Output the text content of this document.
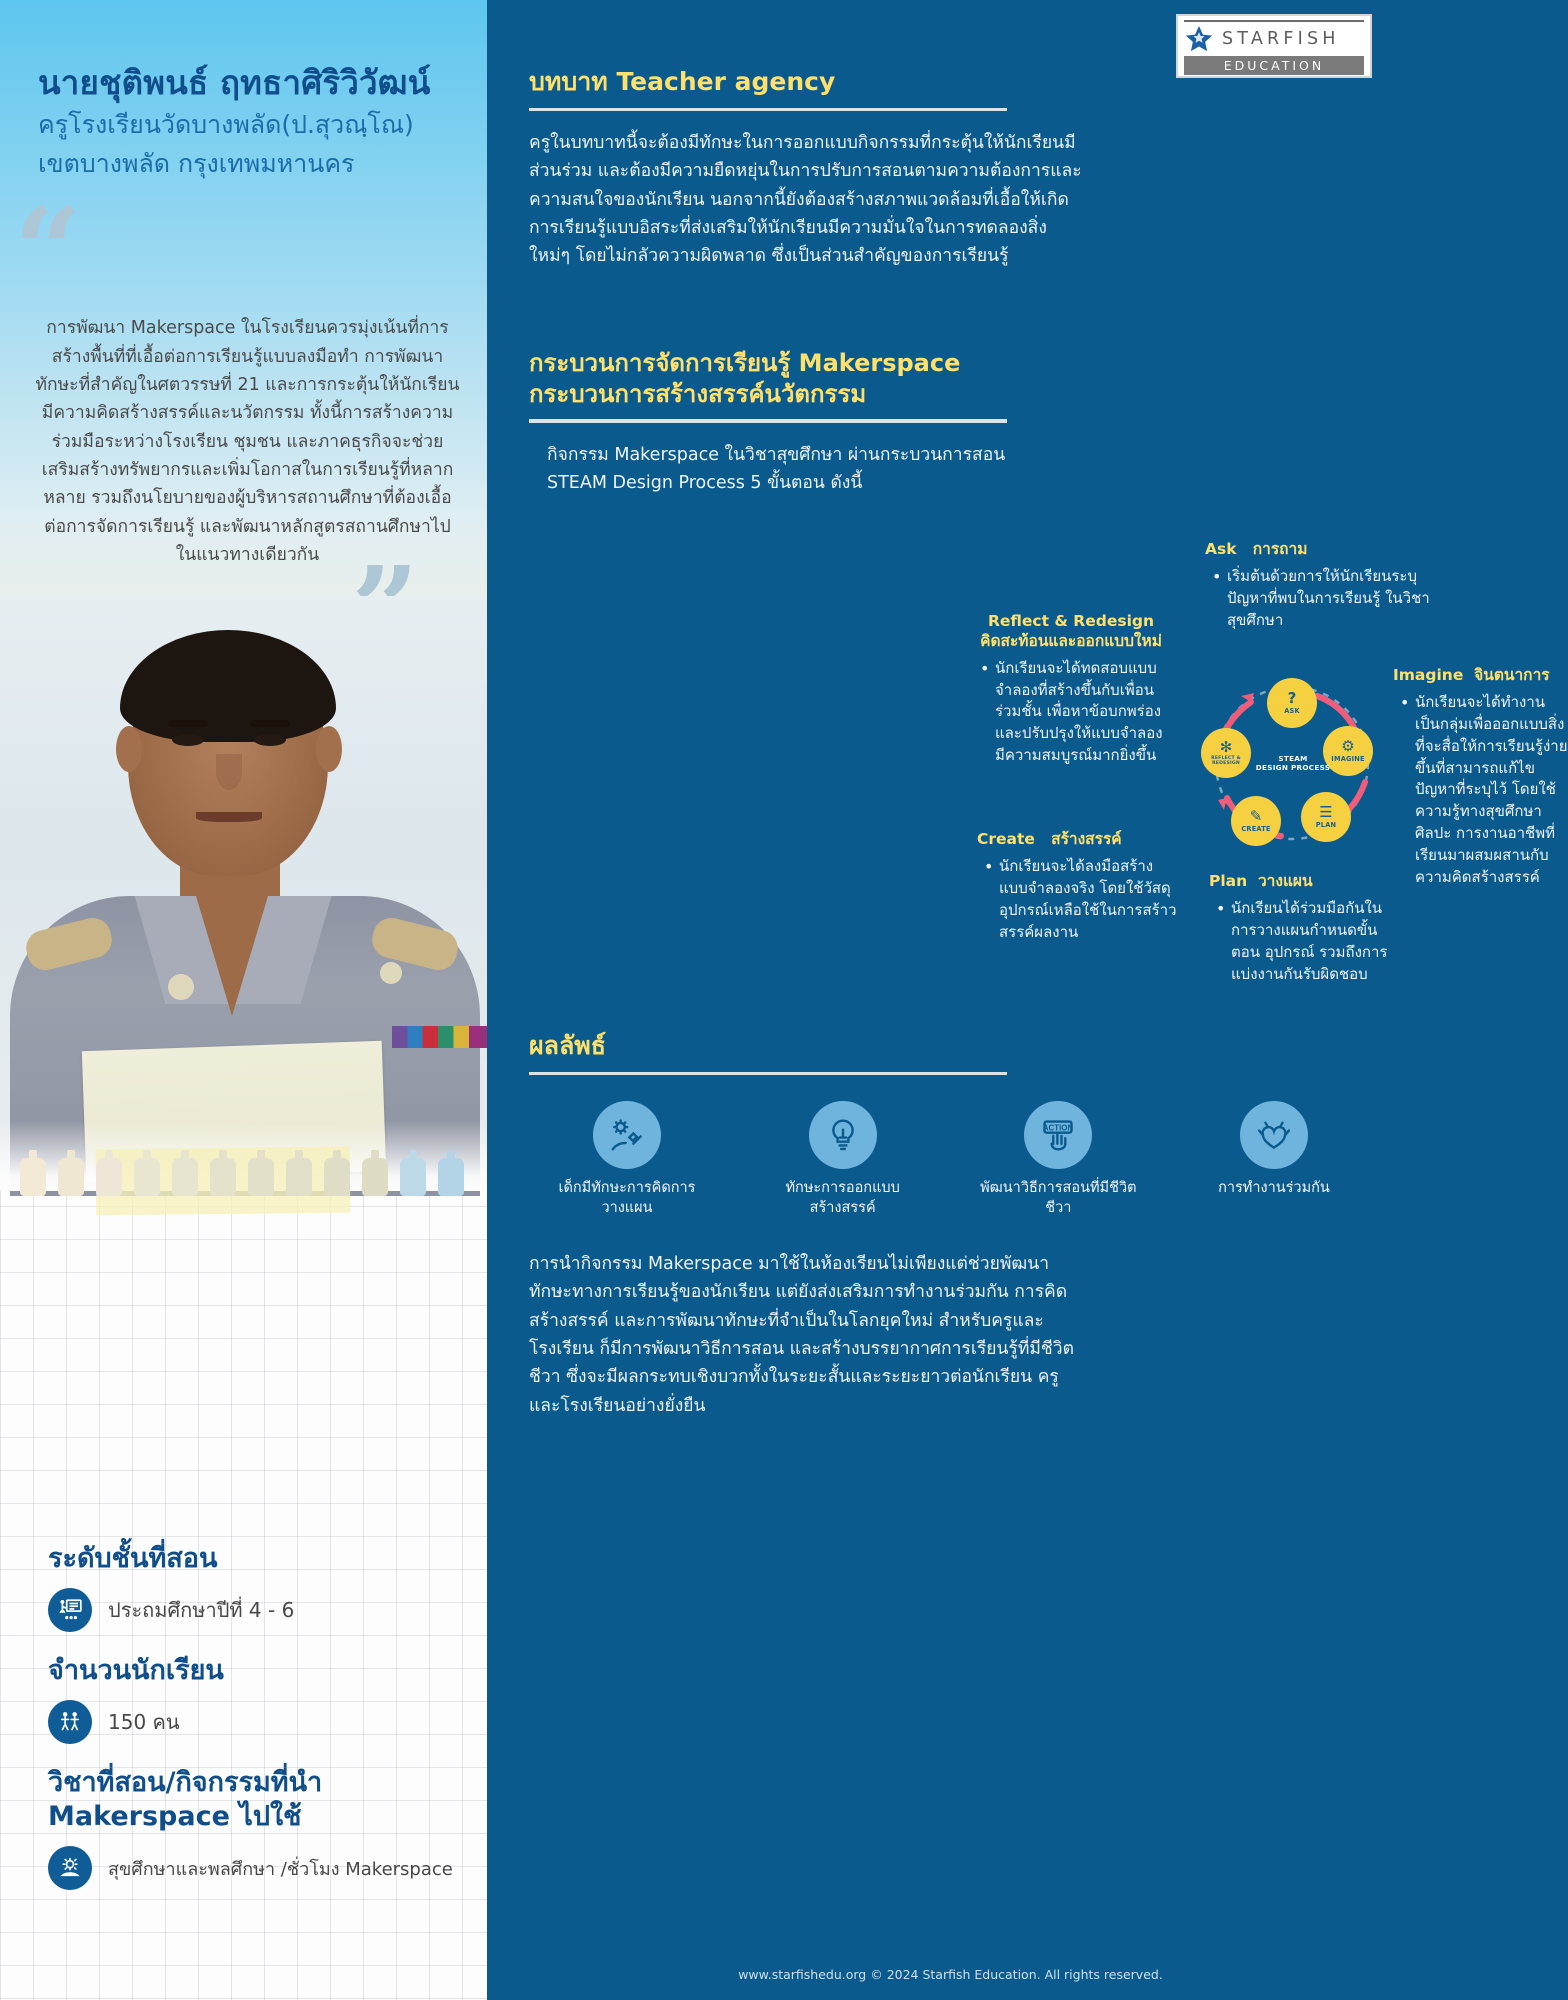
นายชุติพนธ์ ฤทธาศิริวิวัฒน์
ครูโรงเรียนวัดบางพลัด(ป.สุวณฺโณ)
เขตบางพลัด กรุงเทพมหานคร
“
การพัฒนา Makerspace ในโรงเรียนควรมุ่งเน้นที่การสร้างพื้นที่ที่เอื้อต่อการเรียนรู้แบบลงมือทำ การพัฒนาทักษะที่สำคัญในศตวรรษที่ 21 และการกระตุ้นให้นักเรียนมีความคิดสร้างสรรค์และนวัตกรรม ทั้งนี้การสร้างความร่วมมือระหว่างโรงเรียน ชุมชน และภาคธุรกิจจะช่วยเสริมสร้างทรัพยากรและเพิ่มโอกาสในการเรียนรู้ที่หลากหลาย รวมถึงนโยบายของผู้บริหารสถานศึกษาที่ต้องเอื้อต่อการจัดการเรียนรู้ และพัฒนาหลักสูตรสถานศึกษาไปในแนวทางเดียวกัน
ระดับชั้นที่สอน
ประถมศึกษาปีที่ 4 - 6
จำนวนนักเรียน
150 คน
วิชาที่สอน/กิจกรรมที่นำ Makerspace ไปใช้
สุขศึกษาและพลศึกษา /ชั่วโมง Makerspace
STARFISH
EDUCATION
บทบาท Teacher agency
ครูในบทบาทนี้จะต้องมีทักษะในการออกแบบกิจกรรมที่กระตุ้นให้นักเรียนมีส่วนร่วม และต้องมีความยืดหยุ่นในการปรับการสอนตามความต้องการและความสนใจของนักเรียน นอกจากนี้ยังต้องสร้างสภาพแวดล้อมที่เอื้อให้เกิดการเรียนรู้แบบอิสระที่ส่งเสริมให้นักเรียนมีความมั่นใจในการทดลองสิ่งใหม่ๆ โดยไม่กลัวความผิดพลาด ซึ่งเป็นส่วนสำคัญของการเรียนรู้
กระบวนการจัดการเรียนรู้ Makerspace
กระบวนการสร้างสรรค์นวัตกรรม
กิจกรรม Makerspace ในวิชาสุขศึกษา ผ่านกระบวนการสอน
STEAM Design Process 5 ขั้นตอน ดังนี้
?
ASK
⚙
IMAGINE
☰
PLAN
✎
CREATE
✻
REFLECT & REDESIGN
STEAM
DESIGN PROCESS
Ask การถาม
• เริ่มต้นด้วยการให้นักเรียนระบุปัญหาที่พบในการเรียนรู้ ในวิชาสุขศึกษา
Imagine จินตนาการ
• นักเรียนจะได้ทำงานเป็นกลุ่มเพื่อออกแบบสิ่งที่จะสื่อให้การเรียนรู้ง่ายขึ้นที่สามารถแก้ไขปัญหาที่ระบุไว้ โดยใช้ความรู้ทางสุขศึกษา ศิลปะ การงานอาชีพที่เรียนมาผสมผสานกับความคิดสร้างสรรค์
Reflect & Redesign
คิดสะท้อนและออกแบบใหม่
• นักเรียนจะได้ทดสอบแบบจำลองที่สร้างขึ้นกับเพื่อนร่วมชั้น เพื่อหาข้อบกพร่องและปรับปรุงให้แบบจำลองมีความสมบูรณ์มากยิ่งขึ้น
Create สร้างสรรค์
• นักเรียนจะได้ลงมือสร้างแบบจำลองจริง โดยใช้วัสดุอุปกรณ์เหลือใช้ในการสร้าวสรรค์ผลงาน
Plan วางแผน
• นักเรียนได้ร่วมมือกันในการวางแผนกำหนดขั้นตอน อุปกรณ์ รวมถึงการแบ่งงานกันรับผิดชอบ
ผลลัพธ์
เด็กมีทักษะการคิดการวางแผน
ทักษะการออกแบบสร้างสรรค์
ACTION
พัฒนาวิธีการสอนที่มีชีวิตชีวา
การทำงานร่วมกัน
การนำกิจกรรม Makerspace มาใช้ในห้องเรียนไม่เพียงแต่ช่วยพัฒนาทักษะทางการเรียนรู้ของนักเรียน แต่ยังส่งเสริมการทำงานร่วมกัน การคิดสร้างสรรค์ และการพัฒนาทักษะที่จำเป็นในโลกยุคใหม่ สำหรับครูและโรงเรียน ก็มีการพัฒนาวิธีการสอน และสร้างบรรยากาศการเรียนรู้ที่มีชีวิตชีวา ซึ่งจะมีผลกระทบเชิงบวกทั้งในระยะสั้นและระยะยาวต่อนักเรียน ครู และโรงเรียนอย่างยั่งยืน
www.starfishedu.org © 2024 Starfish Education. All rights reserved.
